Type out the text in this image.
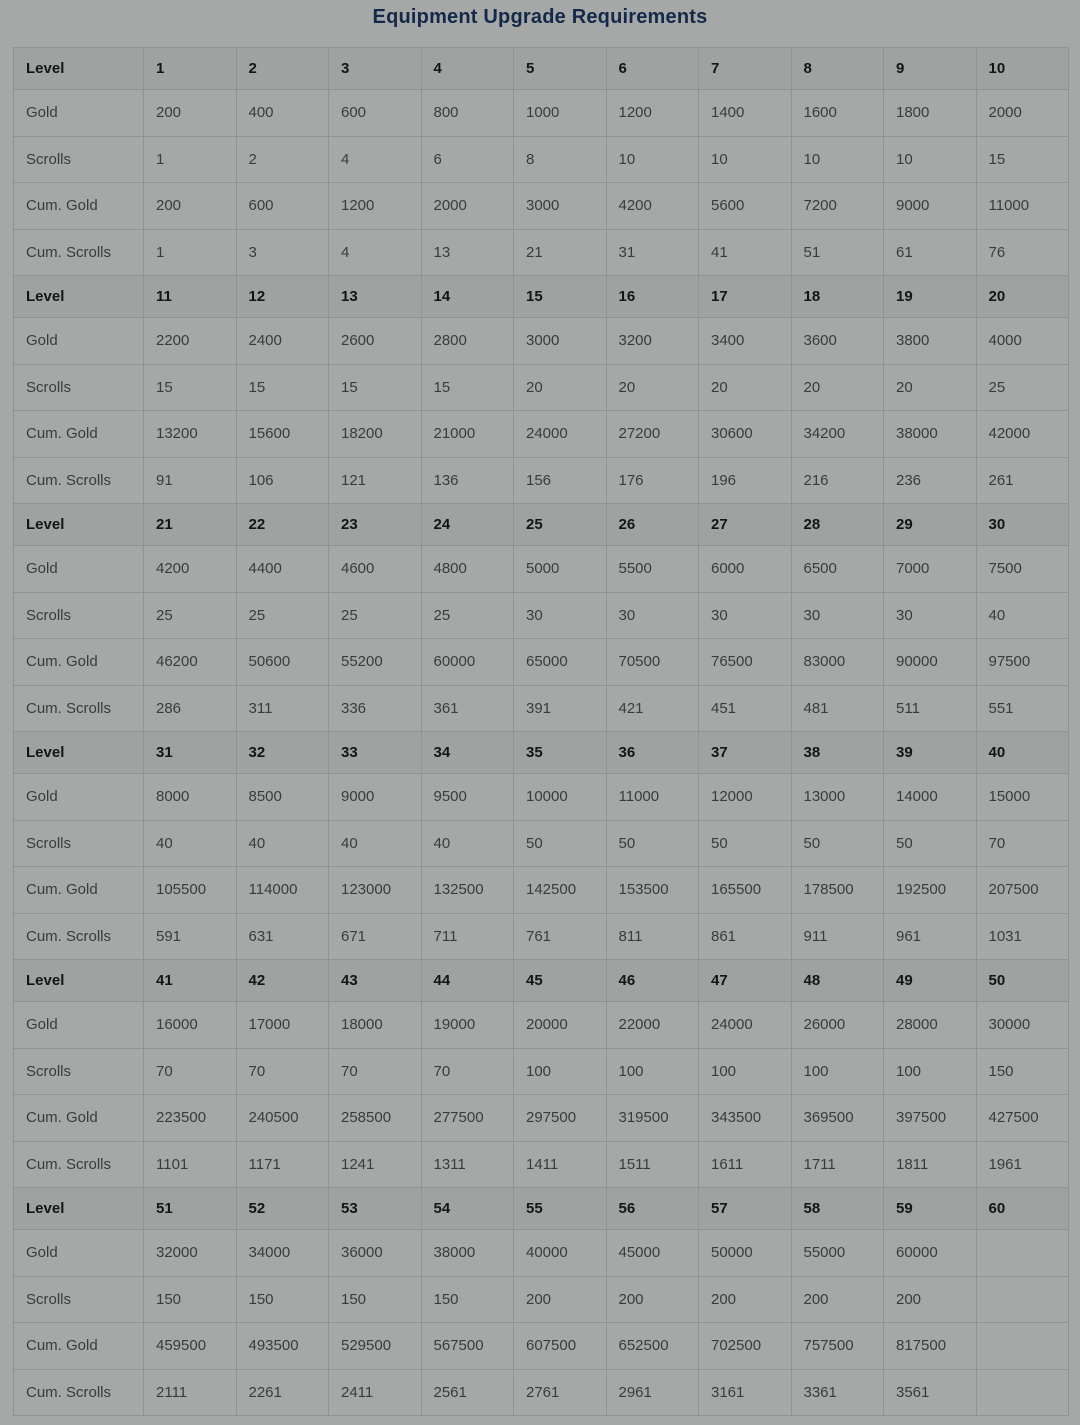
Equipment Upgrade Requirements
Level	1	2	3	4	5	6	7	8	9	10
Gold	200	400	600	800	1000	1200	1400	1600	1800	2000
Scrolls	1	2	4	6	8	10	10	10	10	15
Cum. Gold	200	600	1200	2000	3000	4200	5600	7200	9000	11000
Cum. Scrolls	1	3	4	13	21	31	41	51	61	76
Level	11	12	13	14	15	16	17	18	19	20
Gold	2200	2400	2600	2800	3000	3200	3400	3600	3800	4000
Scrolls	15	15	15	15	20	20	20	20	20	25
Cum. Gold	13200	15600	18200	21000	24000	27200	30600	34200	38000	42000
Cum. Scrolls	91	106	121	136	156	176	196	216	236	261
Level	21	22	23	24	25	26	27	28	29	30
Gold	4200	4400	4600	4800	5000	5500	6000	6500	7000	7500
Scrolls	25	25	25	25	30	30	30	30	30	40
Cum. Gold	46200	50600	55200	60000	65000	70500	76500	83000	90000	97500
Cum. Scrolls	286	311	336	361	391	421	451	481	511	551
Level	31	32	33	34	35	36	37	38	39	40
Gold	8000	8500	9000	9500	10000	11000	12000	13000	14000	15000
Scrolls	40	40	40	40	50	50	50	50	50	70
Cum. Gold	105500	114000	123000	132500	142500	153500	165500	178500	192500	207500
Cum. Scrolls	591	631	671	711	761	811	861	911	961	1031
Level	41	42	43	44	45	46	47	48	49	50
Gold	16000	17000	18000	19000	20000	22000	24000	26000	28000	30000
Scrolls	70	70	70	70	100	100	100	100	100	150
Cum. Gold	223500	240500	258500	277500	297500	319500	343500	369500	397500	427500
Cum. Scrolls	1101	1171	1241	1311	1411	1511	1611	1711	1811	1961
Level	51	52	53	54	55	56	57	58	59	60
Gold	32000	34000	36000	38000	40000	45000	50000	55000	60000	
Scrolls	150	150	150	150	200	200	200	200	200	
Cum. Gold	459500	493500	529500	567500	607500	652500	702500	757500	817500	
Cum. Scrolls	2111	2261	2411	2561	2761	2961	3161	3361	3561	
